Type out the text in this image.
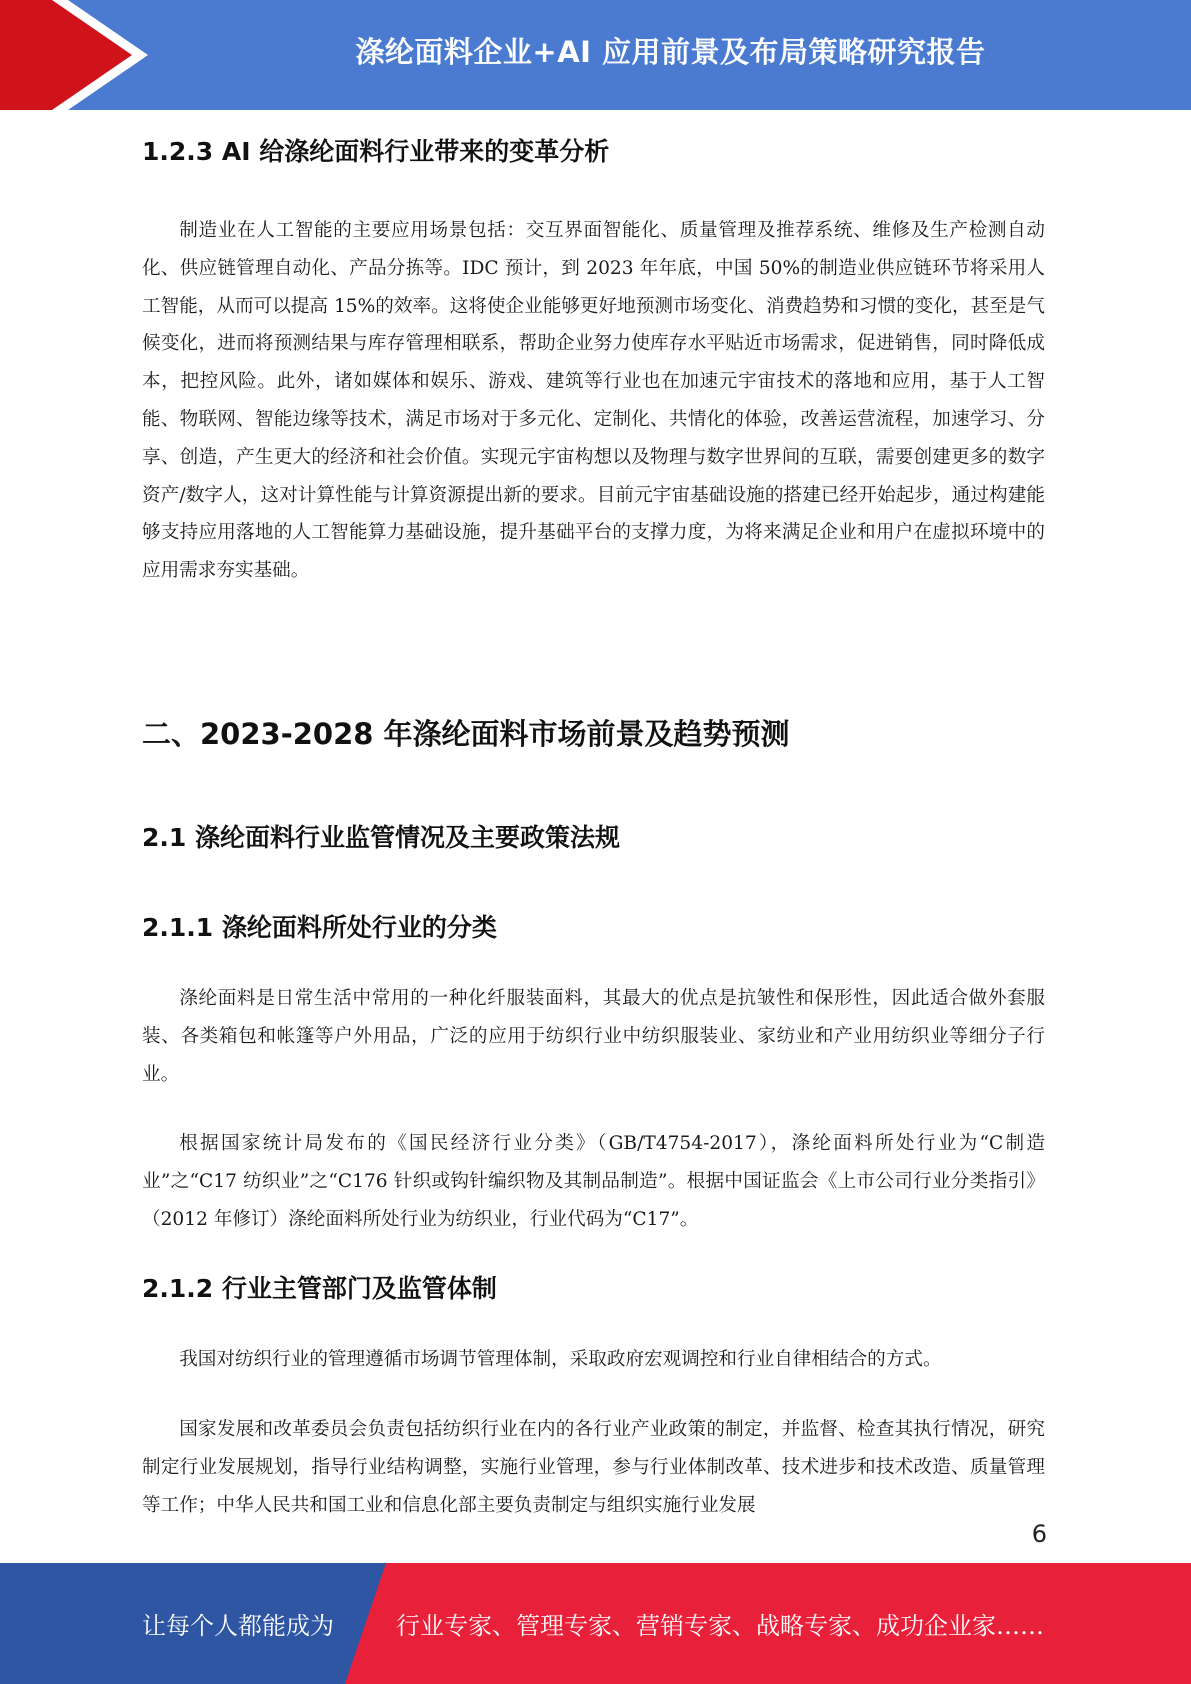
涤纶面料企业+AI 应用前景及布局策略研究报告
1.2.3 AI 给涤纶面料行业带来的变革分析

制造业在人工智能的主要应用场景包括：交互界面智能化、质量管理及推荐系统、维修及生产检测自动化、供应链管理自动化、产品分拣等。IDC 预计，到 2023 年年底，中国 50%的制造业供应链环节将采用人工智能，从而可以提高 15%的效率。这将使企业能够更好地预测市场变化、消费趋势和习惯的变化，甚至是气候变化，进而将预测结果与库存管理相联系，帮助企业努力使库存水平贴近市场需求，促进销售，同时降低成本，把控风险。此外，诸如媒体和娱乐、游戏、建筑等行业也在加速元宇宙技术的落地和应用，基于人工智能、物联网、智能边缘等技术，满足市场对于多元化、定制化、共情化的体验，改善运营流程，加速学习、分享、创造，产生更大的经济和社会价值。实现元宇宙构想以及物理与数字世界间的互联，需要创建更多的数字资产/数字人，这对计算性能与计算资源提出新的要求。目前元宇宙基础设施的搭建已经开始起步，通过构建能够支持应用落地的人工智能算力基础设施，提升基础平台的支撑力度，为将来满足企业和用户在虚拟环境中的应用需求夯实基础。

二、2023-2028 年涤纶面料市场前景及趋势预测
2.1 涤纶面料行业监管情况及主要政策法规
2.1.1 涤纶面料所处行业的分类

涤纶面料是日常生活中常用的一种化纤服装面料，其最大的优点是抗皱性和保形性，因此适合做外套服装、各类箱包和帐篷等户外用品，广泛的应用于纺织行业中纺织服装业、家纺业和产业用纺织业等细分子行业。

根据国家统计局发布的《国民经济行业分类》（GB/T4754-2017），涤纶面料所处行业为“C制造业”之“C17 纺织业”之“C176 针织或钩针编织物及其制品制造”。根据中国证监会《上市公司行业分类指引》（2012 年修订）涤纶面料所处行业为纺织业，行业代码为“C17”。

2.1.2 行业主管部门及监管体制

我国对纺织行业的管理遵循市场调节管理体制，采取政府宏观调控和行业自律相结合的方式。

国家发展和改革委员会负责包括纺织行业在内的各行业产业政策的制定，并监督、检查其执行情况，研究制定行业发展规划，指导行业结构调整，实施行业管理，参与行业体制改革、技术进步和技术改造、质量管理等工作；中华人民共和国工业和信息化部主要负责制定与组织实施行业发展

6
让每个人都能成为	行业专家、管理专家、营销专家、战略专家、成功企业家……
